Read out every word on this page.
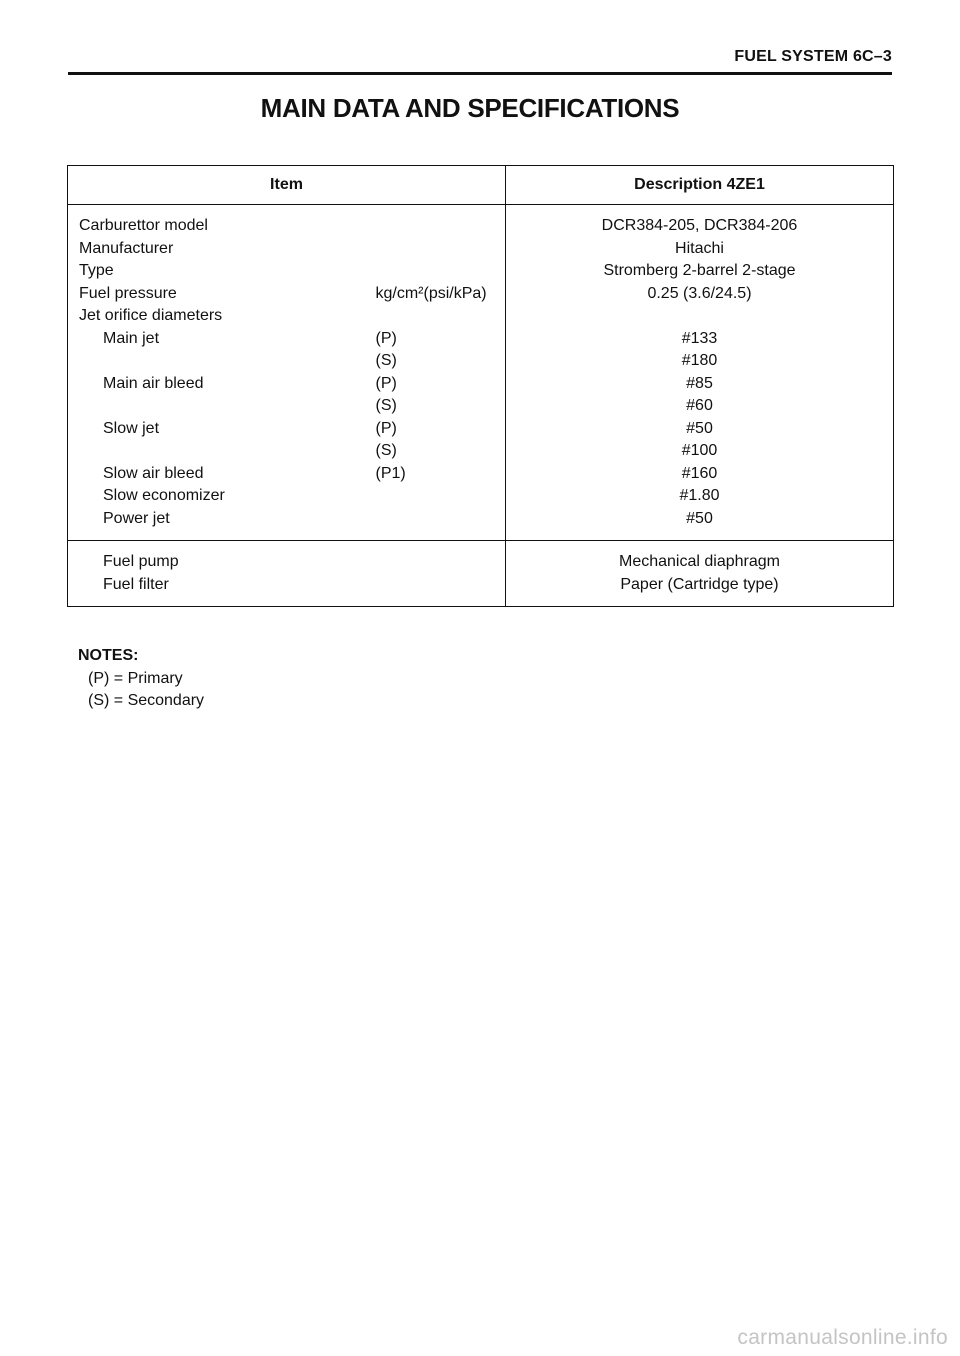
FUEL SYSTEM 6C–3
MAIN DATA AND SPECIFICATIONS
Item		Description 4ZE1
Carburettor model		DCR384-205, DCR384-206
Manufacturer		Hitachi
Type		Stromberg 2-barrel 2-stage
Fuel pressure	kg/cm²(psi/kPa)	0.25 (3.6/24.5)
Jet orifice diameters		
Main jet	(P)	#133
	(S)	#180
Main air bleed	(P)	#85
	(S)	#60
Slow jet	(P)	#50
	(S)	#100
Slow air bleed	(P1)	#160
Slow economizer		#1.80
Power jet		#50
Fuel pump		Mechanical diaphragm
Fuel filter		Paper (Cartridge type)
NOTES:
(P) = Primary
(S) = Secondary
carmanualsonline.info
